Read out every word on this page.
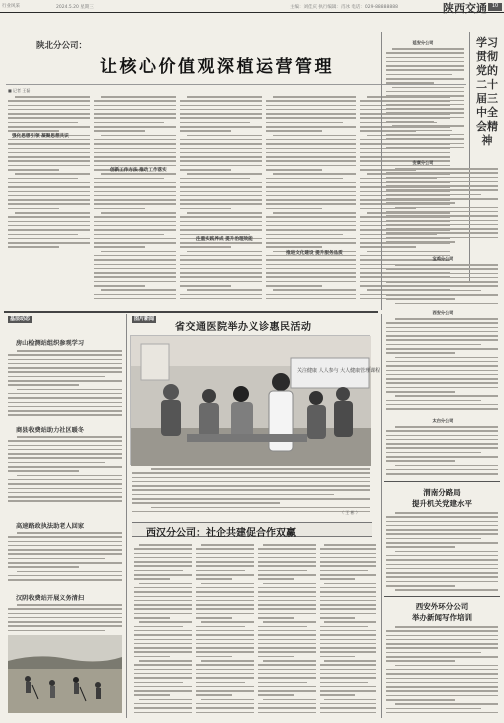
行业风采	2024.5.20 星期三	主编：刘佳庆 执行编辑：肖冰 电话：029-88888888	陕西交通 10
陕北分公司：
让核心价值观深植运营管理
■ 记者 王磊
强化思想引领 凝聚思想共识
创新工作方法 推动工作落实
注重实践养成 提升治理效能
推进文化建设 提升服务品质
学习贯彻党的二十届三中全会精神
延安分公司
安康分公司
宝鸡分公司
西安分公司
太白分公司
基层动态
房山检测站组织参观学习
商县收费站助力社区暖冬
高速路政执法助老人回家
汉阴收费站开展义务清扫
图片新闻
省交通医院举办义诊惠民活动
关注健康 人人参与 大人健康管理课程
（ 王 彬 ）
西汉分公司：社企共建促合作双赢
渭南分路局
提升机关党建水平
西安外环分公司
举办新闻写作培训
